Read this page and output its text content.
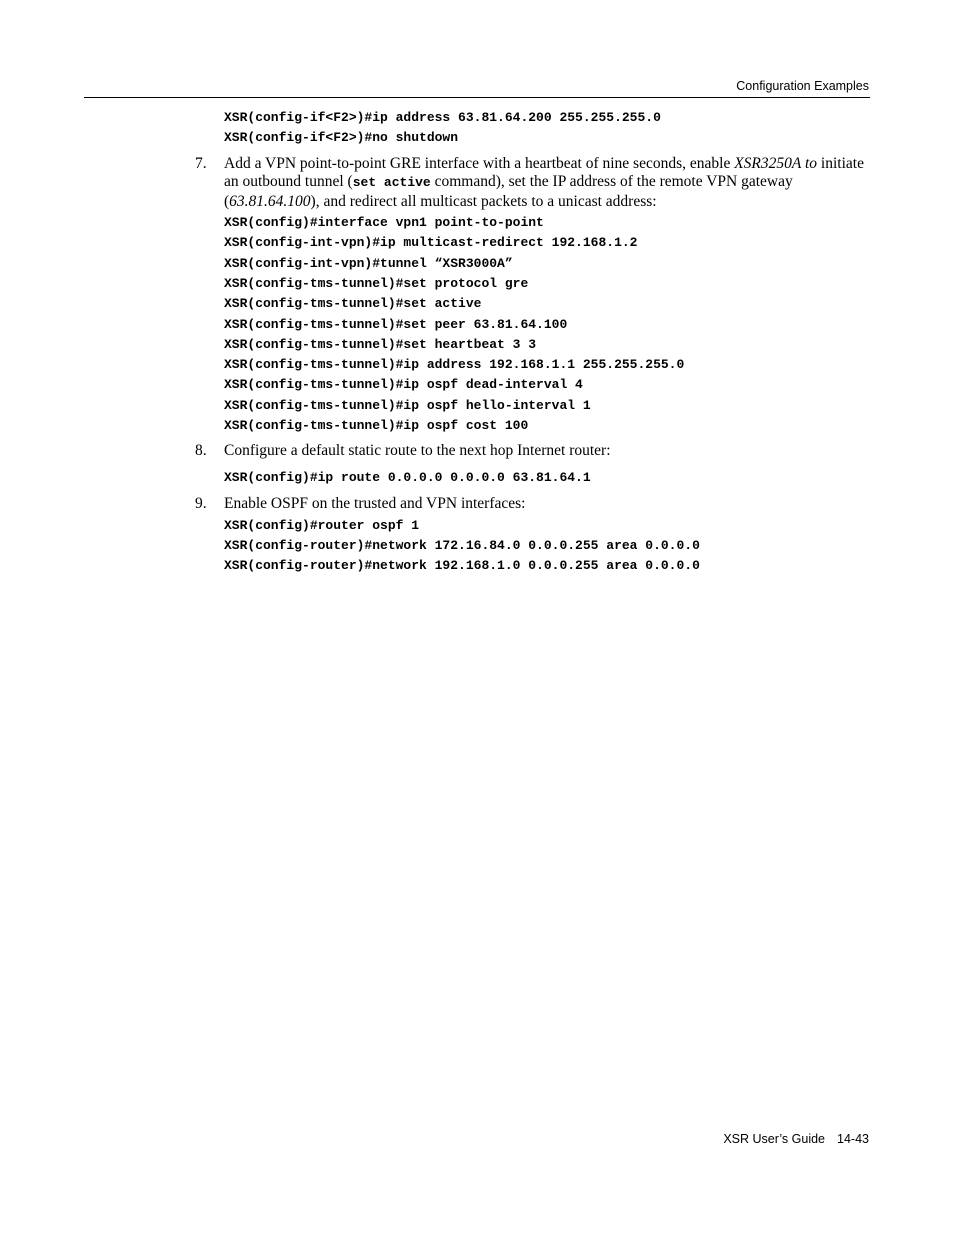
Configuration Examples
XSR(config-if<F2>)#ip address 63.81.64.200 255.255.255.0
XSR(config-if<F2>)#no shutdown
7. Add a VPN point-to-point GRE interface with a heartbeat of nine seconds, enable XSR3250A to initiate an outbound tunnel (set active command), set the IP address of the remote VPN gateway (63.81.64.100), and redirect all multicast packets to a unicast address:
XSR(config)#interface vpn1 point-to-point
XSR(config-int-vpn)#ip multicast-redirect 192.168.1.2
XSR(config-int-vpn)#tunnel “XSR3000A”
XSR(config-tms-tunnel)#set protocol gre
XSR(config-tms-tunnel)#set active
XSR(config-tms-tunnel)#set peer 63.81.64.100
XSR(config-tms-tunnel)#set heartbeat 3 3
XSR(config-tms-tunnel)#ip address 192.168.1.1 255.255.255.0
XSR(config-tms-tunnel)#ip ospf dead-interval 4
XSR(config-tms-tunnel)#ip ospf hello-interval 1
XSR(config-tms-tunnel)#ip ospf cost 100
8. Configure a default static route to the next hop Internet router:
XSR(config)#ip route 0.0.0.0 0.0.0.0 63.81.64.1
9. Enable OSPF on the trusted and VPN interfaces:
XSR(config)#router ospf 1
XSR(config-router)#network 172.16.84.0 0.0.0.255 area 0.0.0.0
XSR(config-router)#network 192.168.1.0 0.0.0.255 area 0.0.0.0
XSR User’s Guide 14-43
